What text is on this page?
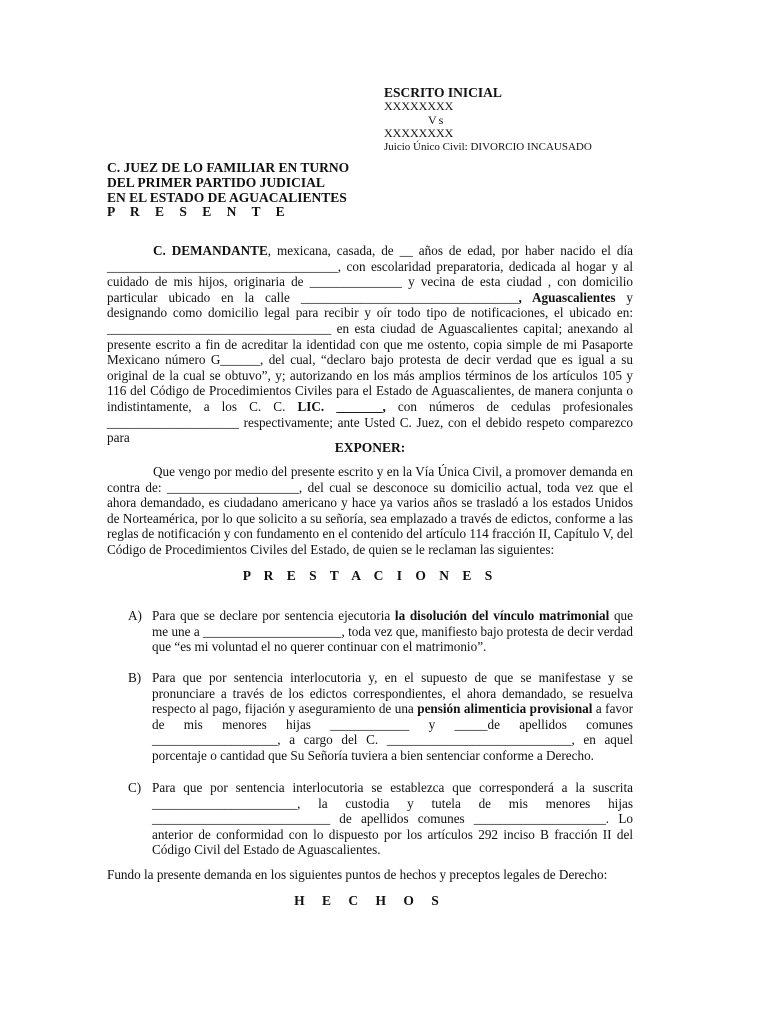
ESCRITO INICIAL
XXXXXXXX
Vs
XXXXXXXX
Juicio Único Civil: DIVORCIO INCAUSADO
C. JUEZ DE LO FAMILIAR EN TURNO
DEL PRIMER PARTIDO JUDICIAL
EN EL ESTADO DE AGUACALIENTES
P R E S E N T E

C. DEMANDANTE, mexicana, casada, de __ años de edad, por haber nacido el día ___________________________________, con escolaridad preparatoria, dedicada al hogar y al cuidado de mis hijos, originaria de ______________ y vecina de esta ciudad , con domicilio particular ubicado en la calle _________________________________, Aguascalientes y designando como domicilio legal para recibir y oír todo tipo de notificaciones, el ubicado en: __________________________________ en esta ciudad de Aguascalientes capital; anexando al presente escrito a fin de acreditar la identidad con que me ostento, copia simple de mi Pasaporte Mexicano número G______, del cual, “declaro bajo protesta de decir verdad que es igual a su original de la cual se obtuvo”, y; autorizando en los más amplios términos de los artículos 105 y 116 del Código de Procedimientos Civiles para el Estado de Aguascalientes, de manera conjunta o indistintamente, a los C. C. LIC. _______, con números de cedulas profesionales ____________________ respectivamente; ante Usted C. Juez, con el debido respeto comparezco para

EXPONER:

Que vengo por medio del presente escrito y en la Vía Única Civil, a promover demanda en contra de: ____________________, del cual se desconoce su domicilio actual, toda vez que el ahora demandado, es ciudadano americano y hace ya varios años se trasladó a los estados Unidos de Norteamérica, por lo que solicito a su señoría, sea emplazado a través de edictos, conforme a las reglas de notificación y con fundamento en el contenido del artículo 114 fracción II, Capítulo V, del Código de Procedimientos Civiles del Estado, de quien se le reclaman las siguientes:

P R E S T A C I O N E S
A) Para que se declare por sentencia ejecutoria la disolución del vínculo matrimonial que me une a _____________________, toda vez que, manifiesto bajo protesta de decir verdad que “es mi voluntad el no querer continuar con el matrimonio”.
B) Para que por sentencia interlocutoria y, en el supuesto de que se manifestase y se pronunciare a través de los edictos correspondientes, el ahora demandado, se resuelva respecto al pago, fijación y aseguramiento de una pensión alimenticia provisional a favor de mis menores hijas ____________ y _____de apellidos comunes ___________________, a cargo del C. ____________________________, en aquel porcentaje o cantidad que Su Señoría tuviera a bien sentenciar conforme a Derecho.
C) Para que por sentencia interlocutoria se establezca que corresponderá a la suscrita ______________________, la custodia y tutela de mis menores hijas ___________________________ de apellidos comunes ____________________. Lo anterior de conformidad con lo dispuesto por los artículos 292 inciso B fracción II del Código Civil del Estado de Aguascalientes.
Fundo la presente demanda en los siguientes puntos de hechos y preceptos legales de Derecho:
H E C H O S
